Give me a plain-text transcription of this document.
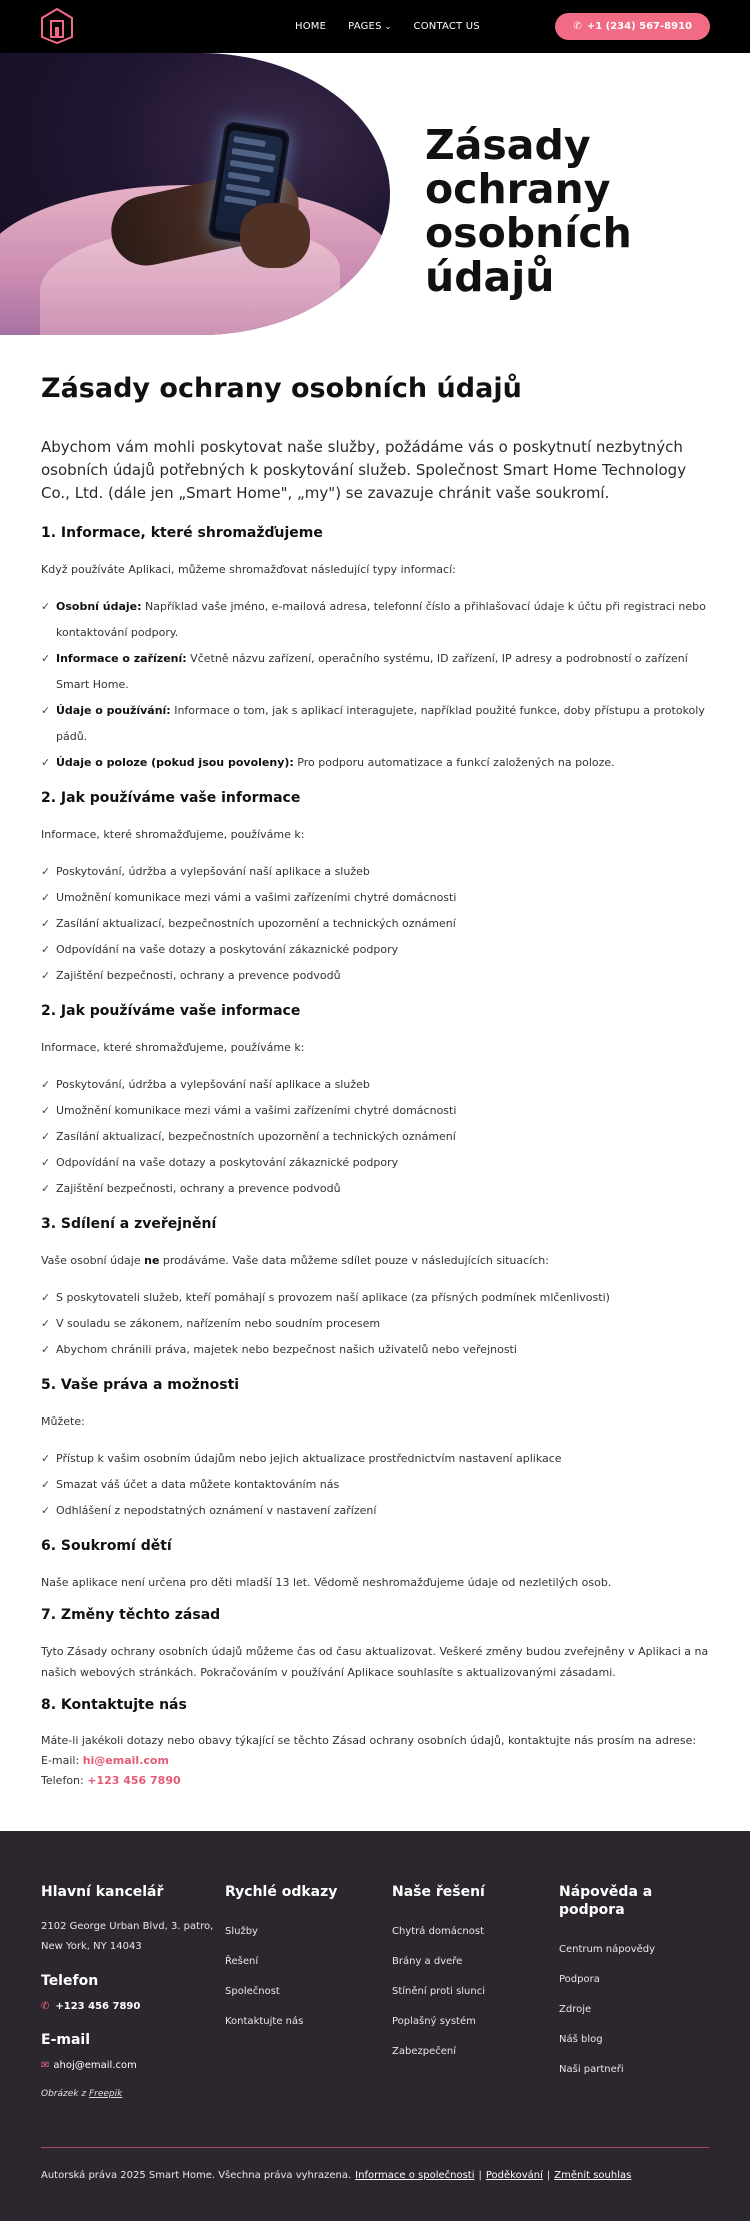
HOME PAGES ⌄ CONTACT US	✆ +1 (234) 567-8910
Zásady ochrany osobních údajů
Zásady ochrany osobních údajů

Abychom vám mohli poskytovat naše služby, požádáme vás o poskytnutí nezbytných osobních údajů potřebných k poskytování služeb. Společnost Smart Home Technology Co., Ltd. (dále jen „Smart Home", „my") se zavazuje chránit vaše soukromí.

1. Informace, které shromažďujeme

Když používáte Aplikaci, můžeme shromažďovat následující typy informací:

✓ Osobní údaje: Například vaše jméno, e-mailová adresa, telefonní číslo a přihlašovací údaje k účtu při registraci nebo kontaktování podpory.
✓ Informace o zařízení: Včetně názvu zařízení, operačního systému, ID zařízení, IP adresy a podrobností o zařízení Smart Home.
✓ Údaje o používání: Informace o tom, jak s aplikací interagujete, například použité funkce, doby přístupu a protokoly pádů.
✓ Údaje o poloze (pokud jsou povoleny): Pro podporu automatizace a funkcí založených na poloze.
2. Jak používáme vaše informace

Informace, které shromažďujeme, používáme k:

✓ Poskytování, údržba a vylepšování naší aplikace a služeb
✓ Umožnění komunikace mezi vámi a vašimi zařízeními chytré domácnosti
✓ Zasílání aktualizací, bezpečnostních upozornění a technických oznámení
✓ Odpovídání na vaše dotazy a poskytování zákaznické podpory
✓ Zajištění bezpečnosti, ochrany a prevence podvodů
2. Jak používáme vaše informace

Informace, které shromažďujeme, používáme k:

✓ Poskytování, údržba a vylepšování naší aplikace a služeb
✓ Umožnění komunikace mezi vámi a vašimi zařízeními chytré domácnosti
✓ Zasílání aktualizací, bezpečnostních upozornění a technických oznámení
✓ Odpovídání na vaše dotazy a poskytování zákaznické podpory
✓ Zajištění bezpečnosti, ochrany a prevence podvodů
3. Sdílení a zveřejnění

Vaše osobní údaje ne prodáváme. Vaše data můžeme sdílet pouze v následujících situacích:

✓ S poskytovateli služeb, kteří pomáhají s provozem naší aplikace (za přísných podmínek mlčenlivosti)
✓ V souladu se zákonem, nařízením nebo soudním procesem
✓ Abychom chránili práva, majetek nebo bezpečnost našich uživatelů nebo veřejnosti
5. Vaše práva a možnosti

Můžete:

✓ Přístup k vašim osobním údajům nebo jejich aktualizace prostřednictvím nastavení aplikace
✓ Smazat váš účet a data můžete kontaktováním nás
✓ Odhlášení z nepodstatných oznámení v nastavení zařízení
6. Soukromí dětí

Naše aplikace není určena pro děti mladší 13 let. Vědomě neshromažďujeme údaje od nezletilých osob.

7. Změny těchto zásad

Tyto Zásady ochrany osobních údajů můžeme čas od času aktualizovat. Veškeré změny budou zveřejněny v Aplikaci a na našich webových stránkách. Pokračováním v používání Aplikace souhlasíte s aktualizovanými zásadami.

8. Kontaktujte nás

Máte-li jakékoli dotazy nebo obavy týkající se těchto Zásad ochrany osobních údajů, kontaktujte nás prosím na adrese:

E-mail: hi@email.com

Telefon: +123 456 7890

Hlavní kancelář

2102 George Urban Blvd, 3. patro, New York, NY 14043

Telefon
✆ +123 456 7890
E-mail
✉ ahoj@email.com
Obrázek z Freepik
Rychlé odkazy
Služby
Řešení
Společnost
Kontaktujte nás
Naše řešení
Chytrá domácnost
Brány a dveře
Stínění proti slunci
Poplašný systém
Zabezpečení
Nápověda a podpora
Centrum nápovědy
Podpora
Zdroje
Náš blog
Naši partneři
Autorská práva 2025 Smart Home. Všechna práva vyhrazena. Informace o společnosti | Poděkování | Změnit souhlas
